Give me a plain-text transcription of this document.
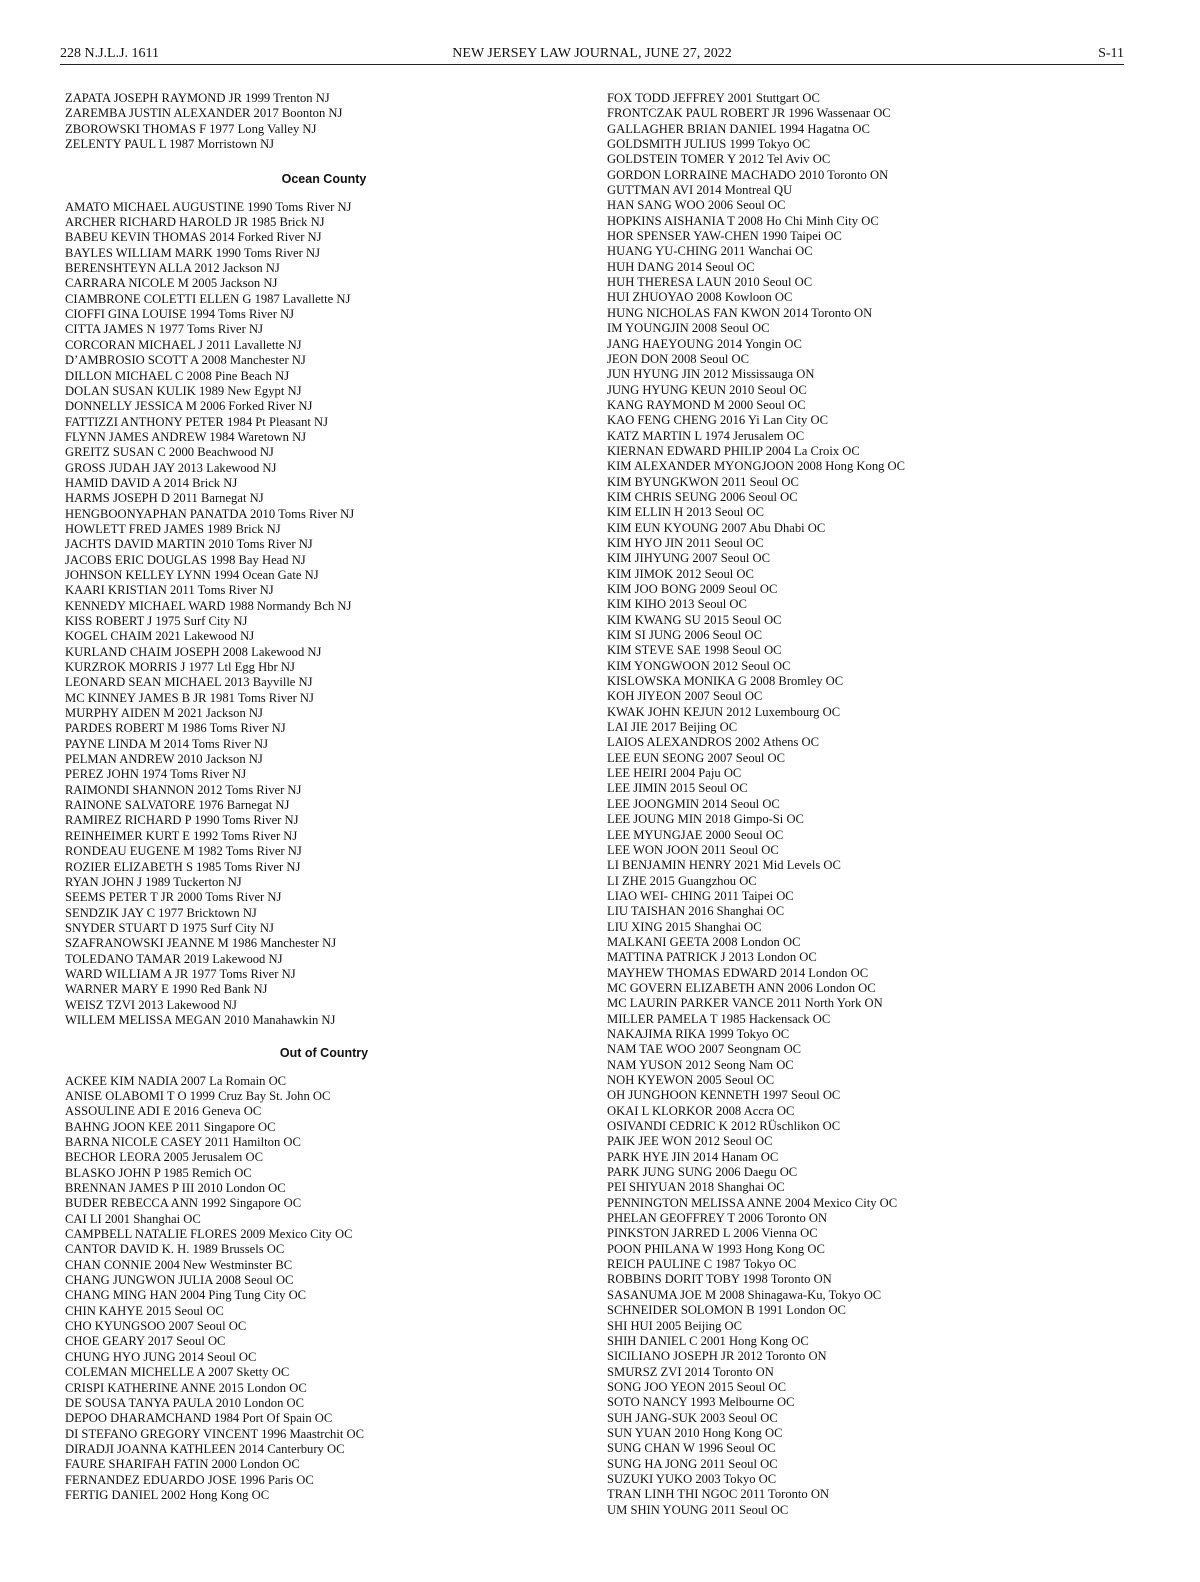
228 N.J.L.J. 1611	NEW JERSEY LAW JOURNAL, JUNE 27, 2022	S-11
ZAPATA JOSEPH RAYMOND JR 1999 Trenton NJ
ZAREMBA JUSTIN ALEXANDER 2017 Boonton NJ
ZBOROWSKI THOMAS F 1977 Long Valley NJ
ZELENTY PAUL L 1987 Morristown NJ
Ocean County
AMATO MICHAEL AUGUSTINE 1990 Toms River NJ
ARCHER RICHARD HAROLD JR 1985 Brick NJ
BABEU KEVIN THOMAS 2014 Forked River NJ
BAYLES WILLIAM MARK 1990 Toms River NJ
BERENSHTEYN ALLA 2012 Jackson NJ
CARRARA NICOLE M 2005 Jackson NJ
CIAMBRONE COLETTI ELLEN G 1987 Lavallette NJ
CIOFFI GINA LOUISE 1994 Toms River NJ
CITTA JAMES N 1977 Toms River NJ
CORCORAN MICHAEL J 2011 Lavallette NJ
D’AMBROSIO SCOTT A 2008 Manchester NJ
DILLON MICHAEL C 2008 Pine Beach NJ
DOLAN SUSAN KULIK 1989 New Egypt NJ
DONNELLY JESSICA M 2006 Forked River NJ
FATTIZZI ANTHONY PETER 1984 Pt Pleasant NJ
FLYNN JAMES ANDREW 1984 Waretown NJ
GREITZ SUSAN C 2000 Beachwood NJ
GROSS JUDAH JAY 2013 Lakewood NJ
HAMID DAVID A 2014 Brick NJ
HARMS JOSEPH D 2011 Barnegat NJ
HENGBOONYAPHAN PANATDA 2010 Toms River NJ
HOWLETT FRED JAMES 1989 Brick NJ
JACHTS DAVID MARTIN 2010 Toms River NJ
JACOBS ERIC DOUGLAS 1998 Bay Head NJ
JOHNSON KELLEY LYNN 1994 Ocean Gate NJ
KAARI KRISTIAN 2011 Toms River NJ
KENNEDY MICHAEL WARD 1988 Normandy Bch NJ
KISS ROBERT J 1975 Surf City NJ
KOGEL CHAIM 2021 Lakewood NJ
KURLAND CHAIM JOSEPH 2008 Lakewood NJ
KURZROK MORRIS J 1977 Ltl Egg Hbr NJ
LEONARD SEAN MICHAEL 2013 Bayville NJ
MC KINNEY JAMES B JR 1981 Toms River NJ
MURPHY AIDEN M 2021 Jackson NJ
PARDES ROBERT M 1986 Toms River NJ
PAYNE LINDA M 2014 Toms River NJ
PELMAN ANDREW 2010 Jackson NJ
PEREZ JOHN 1974 Toms River NJ
RAIMONDI SHANNON 2012 Toms River NJ
RAINONE SALVATORE 1976 Barnegat NJ
RAMIREZ RICHARD P 1990 Toms River NJ
REINHEIMER KURT E 1992 Toms River NJ
RONDEAU EUGENE M 1982 Toms River NJ
ROZIER ELIZABETH S 1985 Toms River NJ
RYAN JOHN J 1989 Tuckerton NJ
SEEMS PETER T JR 2000 Toms River NJ
SENDZIK JAY C 1977 Bricktown NJ
SNYDER STUART D 1975 Surf City NJ
SZAFRANOWSKI JEANNE M 1986 Manchester NJ
TOLEDANO TAMAR 2019 Lakewood NJ
WARD WILLIAM A JR 1977 Toms River NJ
WARNER MARY E 1990 Red Bank NJ
WEISZ TZVI 2013 Lakewood NJ
WILLEM MELISSA MEGAN 2010 Manahawkin NJ
Out of Country
ACKEE KIM NADIA 2007 La Romain OC
ANISE OLABOMI T O 1999 Cruz Bay St. John OC
ASSOULINE ADI E 2016 Geneva OC
BAHNG JOON KEE 2011 Singapore OC
BARNA NICOLE CASEY 2011 Hamilton OC
BECHOR LEORA 2005 Jerusalem OC
BLASKO JOHN P 1985 Remich OC
BRENNAN JAMES P III 2010 London OC
BUDER REBECCA ANN 1992 Singapore OC
CAI LI 2001 Shanghai OC
CAMPBELL NATALIE FLORES 2009 Mexico City OC
CANTOR DAVID K. H. 1989 Brussels OC
CHAN CONNIE 2004 New Westminster BC
CHANG JUNGWON JULIA 2008 Seoul OC
CHANG MING HAN 2004 Ping Tung City OC
CHIN KAHYE 2015 Seoul OC
CHO KYUNGSOO 2007 Seoul OC
CHOE GEARY 2017 Seoul OC
CHUNG HYO JUNG 2014 Seoul OC
COLEMAN MICHELLE A 2007 Sketty OC
CRISPI KATHERINE ANNE 2015 London OC
DE SOUSA TANYA PAULA 2010 London OC
DEPOO DHARAMCHAND 1984 Port Of Spain OC
DI STEFANO GREGORY VINCENT 1996 Maastrchit OC
DIRADJI JOANNA KATHLEEN 2014 Canterbury OC
FAURE SHARIFAH FATIN 2000 London OC
FERNANDEZ EDUARDO JOSE 1996 Paris OC
FERTIG DANIEL 2002 Hong Kong OC
FOX TODD JEFFREY 2001 Stuttgart OC
FRONTCZAK PAUL ROBERT JR 1996 Wassenaar OC
GALLAGHER BRIAN DANIEL 1994 Hagatna OC
GOLDSMITH JULIUS 1999 Tokyo OC
GOLDSTEIN TOMER Y 2012 Tel Aviv OC
GORDON LORRAINE MACHADO 2010 Toronto ON
GUTTMAN AVI 2014 Montreal QU
HAN SANG WOO 2006 Seoul OC
HOPKINS AISHANIA T 2008 Ho Chi Minh City OC
HOR SPENSER YAW-CHEN 1990 Taipei OC
HUANG YU-CHING 2011 Wanchai OC
HUH DANG 2014 Seoul OC
HUH THERESA LAUN 2010 Seoul OC
HUI ZHUOYAO 2008 Kowloon OC
HUNG NICHOLAS FAN KWON 2014 Toronto ON
IM YOUNGJIN 2008 Seoul OC
JANG HAEYOUNG 2014 Yongin OC
JEON DON 2008 Seoul OC
JUN HYUNG JIN 2012 Mississauga ON
JUNG HYUNG KEUN 2010 Seoul OC
KANG RAYMOND M 2000 Seoul OC
KAO FENG CHENG 2016 Yi Lan City OC
KATZ MARTIN L 1974 Jerusalem OC
KIERNAN EDWARD PHILIP 2004 La Croix OC
KIM ALEXANDER MYONGJOON 2008 Hong Kong OC
KIM BYUNGKWON 2011 Seoul OC
KIM CHRIS SEUNG 2006 Seoul OC
KIM ELLIN H 2013 Seoul OC
KIM EUN KYOUNG 2007 Abu Dhabi OC
KIM HYO JIN 2011 Seoul OC
KIM JIHYUNG 2007 Seoul OC
KIM JIMOK 2012 Seoul OC
KIM JOO BONG 2009 Seoul OC
KIM KIHO 2013 Seoul OC
KIM KWANG SU 2015 Seoul OC
KIM SI JUNG 2006 Seoul OC
KIM STEVE SAE 1998 Seoul OC
KIM YONGWOON 2012 Seoul OC
KISLOWSKA MONIKA G 2008 Bromley OC
KOH JIYEON 2007 Seoul OC
KWAK JOHN KEJUN 2012 Luxembourg OC
LAI JIE 2017 Beijing OC
LAIOS ALEXANDROS 2002 Athens OC
LEE EUN SEONG 2007 Seoul OC
LEE HEIRI 2004 Paju OC
LEE JIMIN 2015 Seoul OC
LEE JOONGMIN 2014 Seoul OC
LEE JOUNG MIN 2018 Gimpo-Si OC
LEE MYUNGJAE 2000 Seoul OC
LEE WON JOON 2011 Seoul OC
LI BENJAMIN HENRY 2021 Mid Levels OC
LI ZHE 2015 Guangzhou OC
LIAO WEI- CHING 2011 Taipei OC
LIU TAISHAN 2016 Shanghai OC
LIU XING 2015 Shanghai OC
MALKANI GEETA 2008 London OC
MATTINA PATRICK J 2013 London OC
MAYHEW THOMAS EDWARD 2014 London OC
MC GOVERN ELIZABETH ANN 2006 London OC
MC LAURIN PARKER VANCE 2011 North York ON
MILLER PAMELA T 1985 Hackensack OC
NAKAJIMA RIKA 1999 Tokyo OC
NAM TAE WOO 2007 Seongnam OC
NAM YUSON 2012 Seong Nam OC
NOH KYEWON 2005 Seoul OC
OH JUNGHOON KENNETH 1997 Seoul OC
OKAI L KLORKOR 2008 Accra OC
OSIVANDI CEDRIC K 2012 RÜschlikon OC
PAIK JEE WON 2012 Seoul OC
PARK HYE JIN 2014 Hanam OC
PARK JUNG SUNG 2006 Daegu OC
PEI SHIYUAN 2018 Shanghai OC
PENNINGTON MELISSA ANNE 2004 Mexico City OC
PHELAN GEOFFREY T 2006 Toronto ON
PINKSTON JARRED L 2006 Vienna OC
POON PHILANA W 1993 Hong Kong OC
REICH PAULINE C 1987 Tokyo OC
ROBBINS DORIT TOBY 1998 Toronto ON
SASANUMA JOE M 2008 Shinagawa-Ku, Tokyo OC
SCHNEIDER SOLOMON B 1991 London OC
SHI HUI 2005 Beijing OC
SHIH DANIEL C 2001 Hong Kong OC
SICILIANO JOSEPH JR 2012 Toronto ON
SMURSZ ZVI 2014 Toronto ON
SONG JOO YEON 2015 Seoul OC
SOTO NANCY 1993 Melbourne OC
SUH JANG-SUK 2003 Seoul OC
SUN YUAN 2010 Hong Kong OC
SUNG CHAN W 1996 Seoul OC
SUNG HA JONG 2011 Seoul OC
SUZUKI YUKO 2003 Tokyo OC
TRAN LINH THI NGOC 2011 Toronto ON
UM SHIN YOUNG 2011 Seoul OC
